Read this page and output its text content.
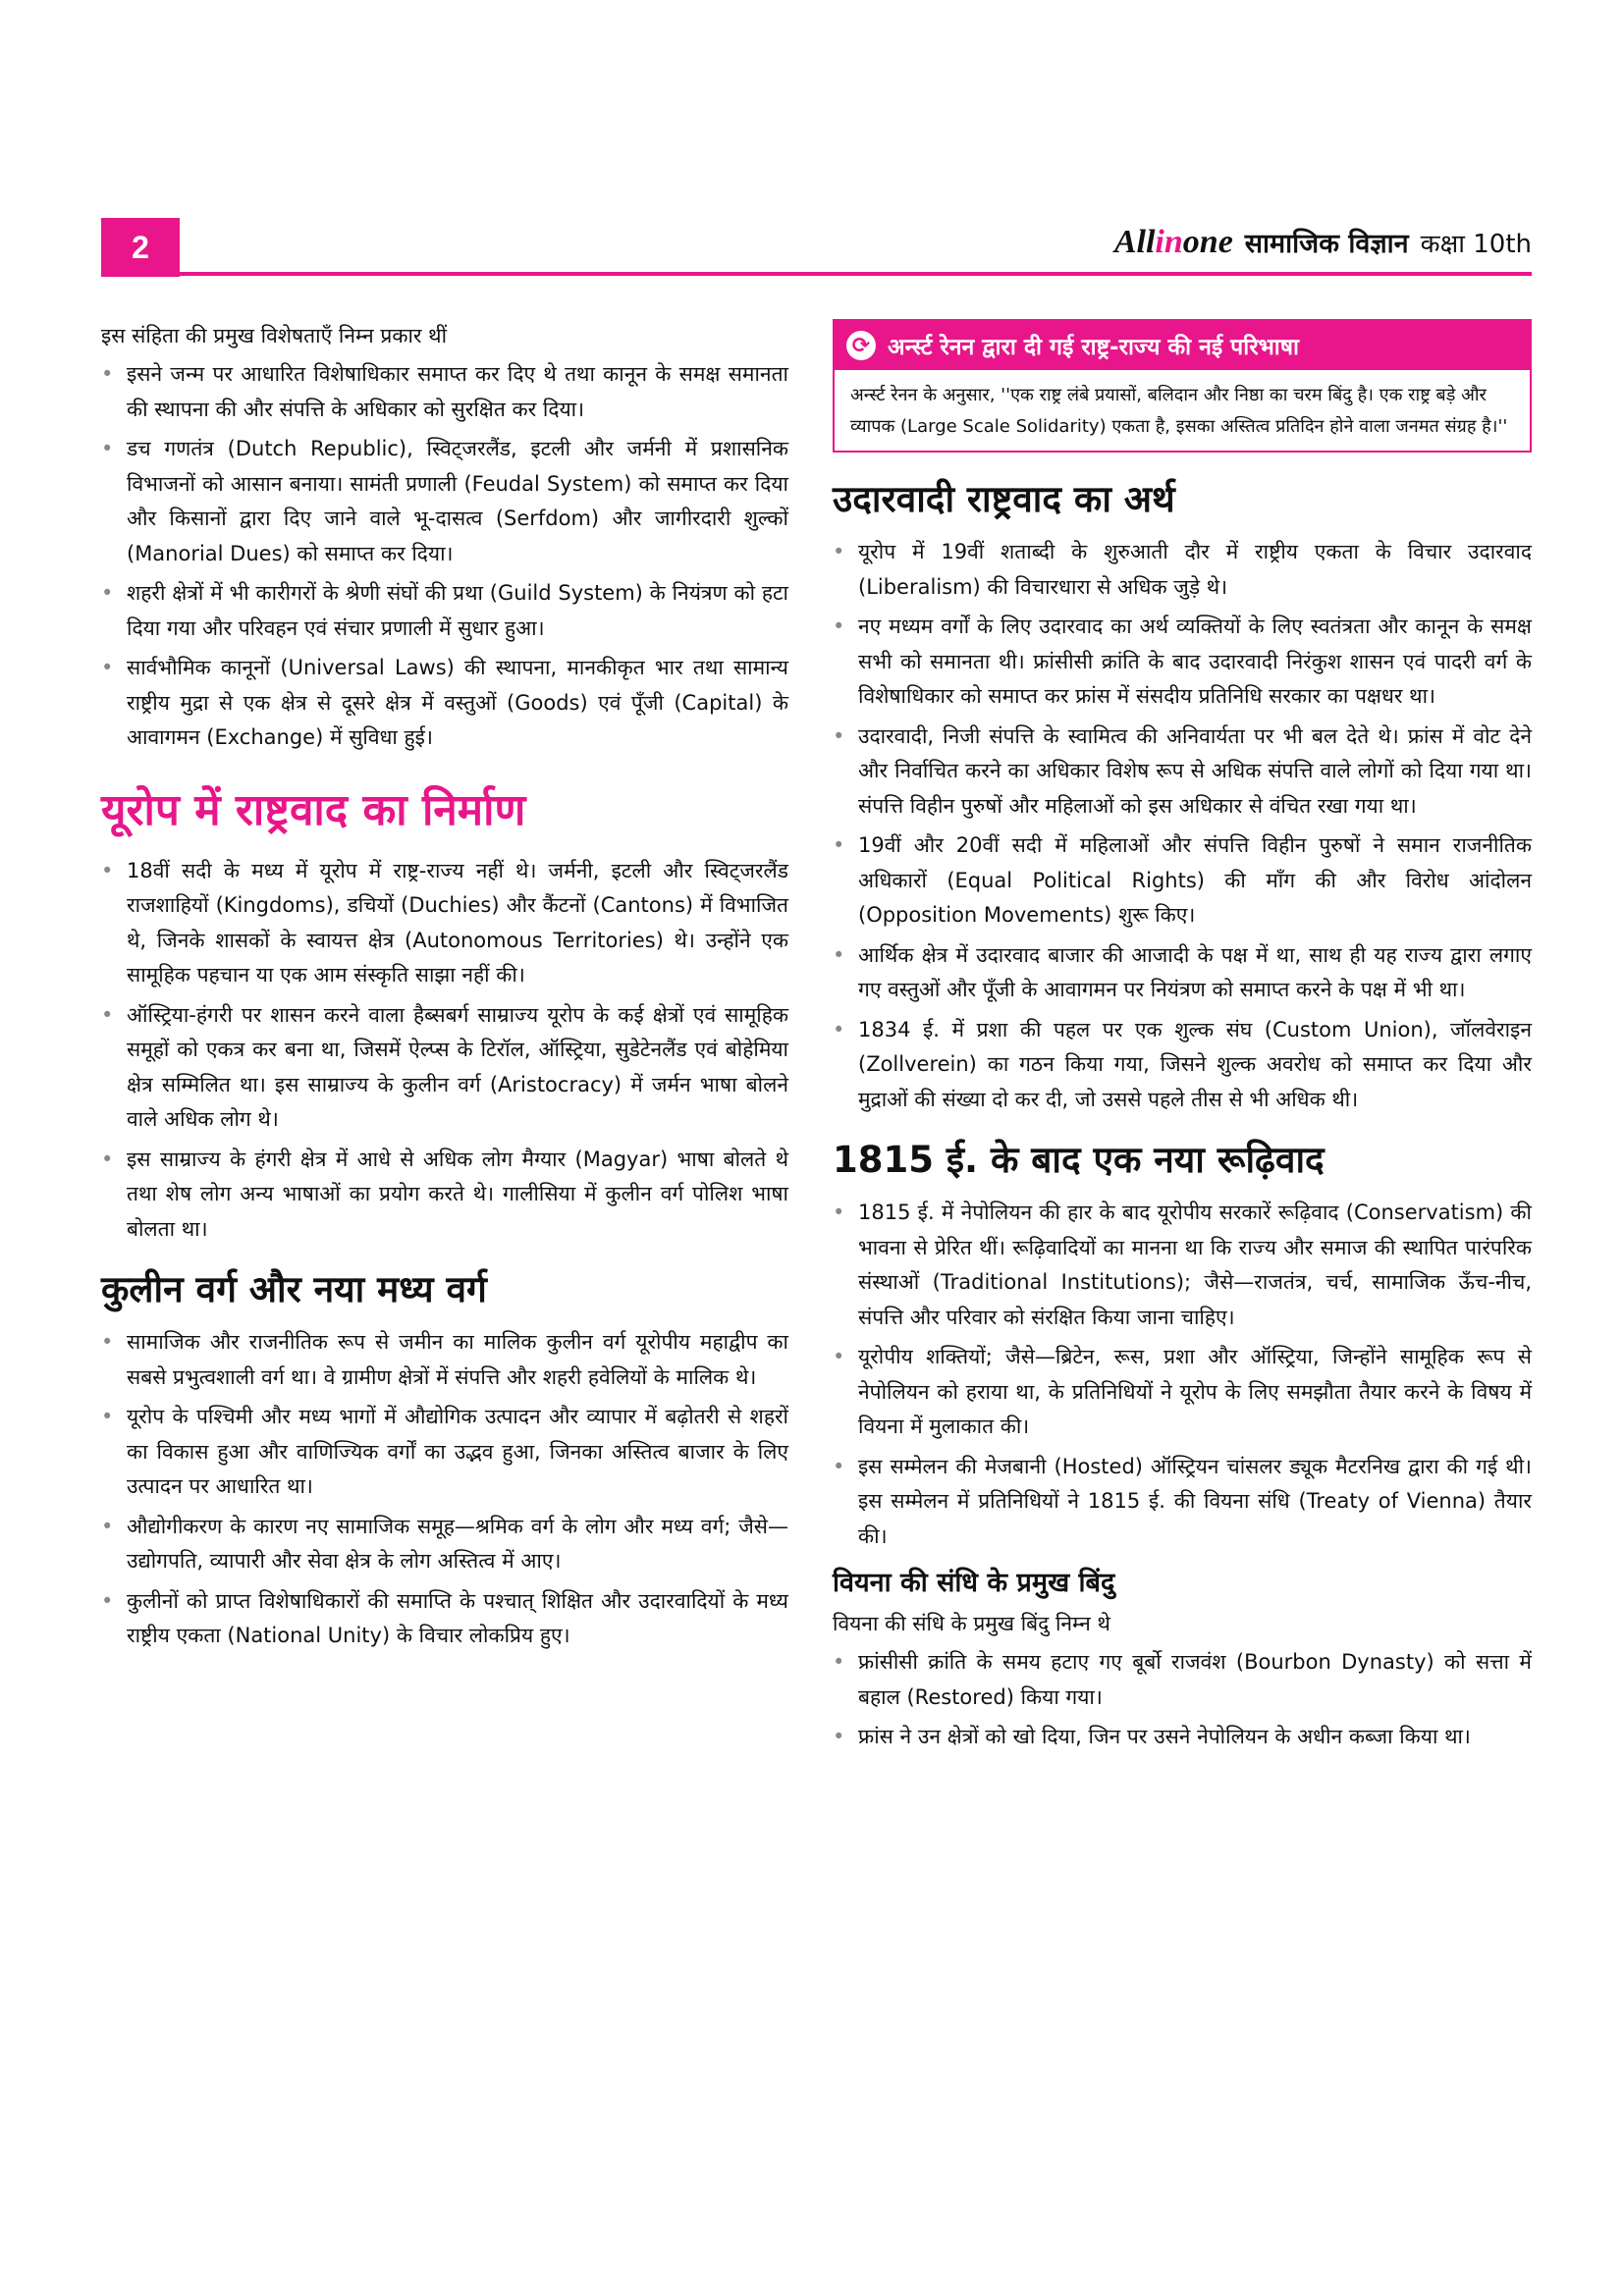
2	Allinone सामाजिक विज्ञान कक्षा 10th

इस संहिता की प्रमुख विशेषताएँ निम्न प्रकार थीं

• इसने जन्म पर आधारित विशेषाधिकार समाप्त कर दिए थे तथा कानून के समक्ष समानता की स्थापना की और संपत्ति के अधिकार को सुरक्षित कर दिया।
• डच गणतंत्र (Dutch Republic), स्विट्जरलैंड, इटली और जर्मनी में प्रशासनिक विभाजनों को आसान बनाया। सामंती प्रणाली (Feudal System) को समाप्त कर दिया और किसानों द्वारा दिए जाने वाले भू-दासत्व (Serfdom) और जागीरदारी शुल्कों (Manorial Dues) को समाप्त कर दिया।
• शहरी क्षेत्रों में भी कारीगरों के श्रेणी संघों की प्रथा (Guild System) के नियंत्रण को हटा दिया गया और परिवहन एवं संचार प्रणाली में सुधार हुआ।
• सार्वभौमिक कानूनों (Universal Laws) की स्थापना, मानकीकृत भार तथा सामान्य राष्ट्रीय मुद्रा से एक क्षेत्र से दूसरे क्षेत्र में वस्तुओं (Goods) एवं पूँजी (Capital) के आवागमन (Exchange) में सुविधा हुई।
यूरोप में राष्ट्रवाद का निर्माण
• 18वीं सदी के मध्य में यूरोप में राष्ट्र-राज्य नहीं थे। जर्मनी, इटली और स्विट्जरलैंड राजशाहियों (Kingdoms), डचियों (Duchies) और कैंटनों (Cantons) में विभाजित थे, जिनके शासकों के स्वायत्त क्षेत्र (Autonomous Territories) थे। उन्होंने एक सामूहिक पहचान या एक आम संस्कृति साझा नहीं की।
• ऑस्ट्रिया-हंगरी पर शासन करने वाला हैब्सबर्ग साम्राज्य यूरोप के कई क्षेत्रों एवं सामूहिक समूहों को एकत्र कर बना था, जिसमें ऐल्प्स के टिरॉल, ऑस्ट्रिया, सुडेटेनलैंड एवं बोहेमिया क्षेत्र सम्मिलित था। इस साम्राज्य के कुलीन वर्ग (Aristocracy) में जर्मन भाषा बोलने वाले अधिक लोग थे।
• इस साम्राज्य के हंगरी क्षेत्र में आधे से अधिक लोग मैग्यार (Magyar) भाषा बोलते थे तथा शेष लोग अन्य भाषाओं का प्रयोग करते थे। गालीसिया में कुलीन वर्ग पोलिश भाषा बोलता था।
कुलीन वर्ग और नया मध्य वर्ग
• सामाजिक और राजनीतिक रूप से जमीन का मालिक कुलीन वर्ग यूरोपीय महाद्वीप का सबसे प्रभुत्वशाली वर्ग था। वे ग्रामीण क्षेत्रों में संपत्ति और शहरी हवेलियों के मालिक थे।
• यूरोप के पश्चिमी और मध्य भागों में औद्योगिक उत्पादन और व्यापार में बढ़ोतरी से शहरों का विकास हुआ और वाणिज्यिक वर्गों का उद्भव हुआ, जिनका अस्तित्व बाजार के लिए उत्पादन पर आधारित था।
• औद्योगीकरण के कारण नए सामाजिक समूह—श्रमिक वर्ग के लोग और मध्य वर्ग; जैसे—उद्योगपति, व्यापारी और सेवा क्षेत्र के लोग अस्तित्व में आए।
• कुलीनों को प्राप्त विशेषाधिकारों की समाप्ति के पश्चात् शिक्षित और उदारवादियों के मध्य राष्ट्रीय एकता (National Unity) के विचार लोकप्रिय हुए।
⟳ अर्न्स्ट रेनन द्वारा दी गई राष्ट्र-राज्य की नई परिभाषा
अर्न्स्ट रेनन के अनुसार, ''एक राष्ट्र लंबे प्रयासों, बलिदान और निष्ठा का चरम बिंदु है। एक राष्ट्र बड़े और व्यापक (Large Scale Solidarity) एकता है, इसका अस्तित्व प्रतिदिन होने वाला जनमत संग्रह है।''
उदारवादी राष्ट्रवाद का अर्थ
• यूरोप में 19वीं शताब्दी के शुरुआती दौर में राष्ट्रीय एकता के विचार उदारवाद (Liberalism) की विचारधारा से अधिक जुड़े थे।
• नए मध्यम वर्गों के लिए उदारवाद का अर्थ व्यक्तियों के लिए स्वतंत्रता और कानून के समक्ष सभी को समानता थी। फ्रांसीसी क्रांति के बाद उदारवादी निरंकुश शासन एवं पादरी वर्ग के विशेषाधिकार को समाप्त कर फ्रांस में संसदीय प्रतिनिधि सरकार का पक्षधर था।
• उदारवादी, निजी संपत्ति के स्वामित्व की अनिवार्यता पर भी बल देते थे। फ्रांस में वोट देने और निर्वाचित करने का अधिकार विशेष रूप से अधिक संपत्ति वाले लोगों को दिया गया था। संपत्ति विहीन पुरुषों और महिलाओं को इस अधिकार से वंचित रखा गया था।
• 19वीं और 20वीं सदी में महिलाओं और संपत्ति विहीन पुरुषों ने समान राजनीतिक अधिकारों (Equal Political Rights) की माँग की और विरोध आंदोलन (Opposition Movements) शुरू किए।
• आर्थिक क्षेत्र में उदारवाद बाजार की आजादी के पक्ष में था, साथ ही यह राज्य द्वारा लगाए गए वस्तुओं और पूँजी के आवागमन पर नियंत्रण को समाप्त करने के पक्ष में भी था।
• 1834 ई. में प्रशा की पहल पर एक शुल्क संघ (Custom Union), जॉलवेराइन (Zollverein) का गठन किया गया, जिसने शुल्क अवरोध को समाप्त कर दिया और मुद्राओं की संख्या दो कर दी, जो उससे पहले तीस से भी अधिक थी।
1815 ई. के बाद एक नया रूढ़िवाद
• 1815 ई. में नेपोलियन की हार के बाद यूरोपीय सरकारें रूढ़िवाद (Conservatism) की भावना से प्रेरित थीं। रूढ़िवादियों का मानना था कि राज्य और समाज की स्थापित पारंपरिक संस्थाओं (Traditional Institutions); जैसे—राजतंत्र, चर्च, सामाजिक ऊँच-नीच, संपत्ति और परिवार को संरक्षित किया जाना चाहिए।
• यूरोपीय शक्तियों; जैसे—ब्रिटेन, रूस, प्रशा और ऑस्ट्रिया, जिन्होंने सामूहिक रूप से नेपोलियन को हराया था, के प्रतिनिधियों ने यूरोप के लिए समझौता तैयार करने के विषय में वियना में मुलाकात की।
• इस सम्मेलन की मेजबानी (Hosted) ऑस्ट्रियन चांसलर ड्यूक मैटरनिख द्वारा की गई थी। इस सम्मेलन में प्रतिनिधियों ने 1815 ई. की वियना संधि (Treaty of Vienna) तैयार की।
वियना की संधि के प्रमुख बिंदु

वियना की संधि के प्रमुख बिंदु निम्न थे

• फ्रांसीसी क्रांति के समय हटाए गए बूर्बो राजवंश (Bourbon Dynasty) को सत्ता में बहाल (Restored) किया गया।
• फ्रांस ने उन क्षेत्रों को खो दिया, जिन पर उसने नेपोलियन के अधीन कब्जा किया था।
